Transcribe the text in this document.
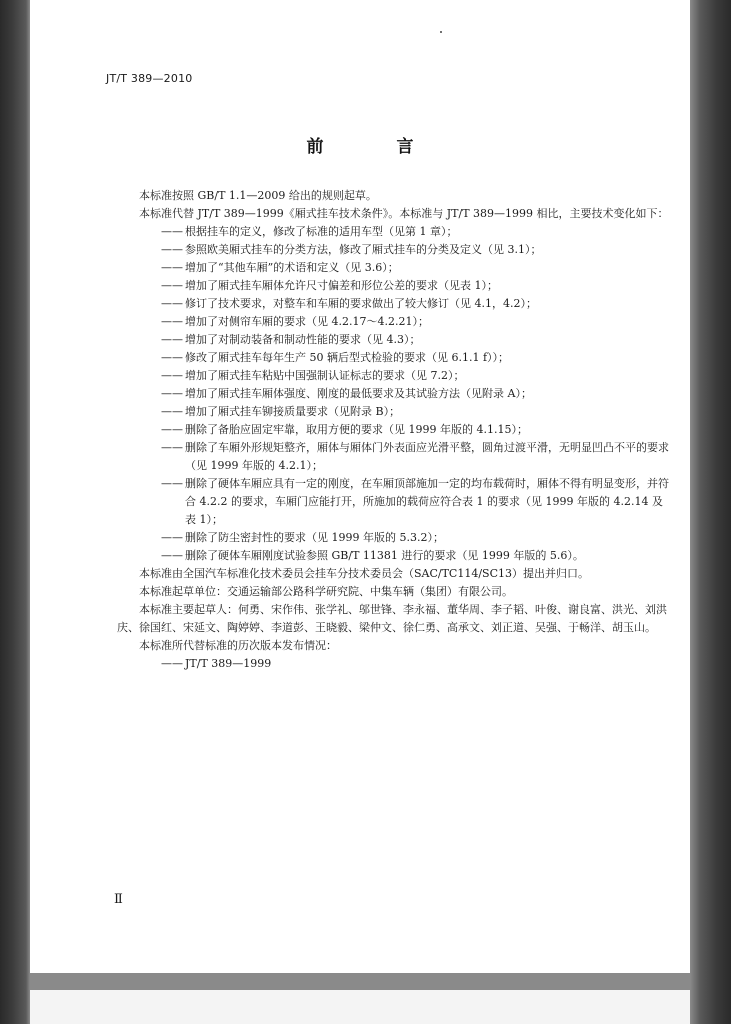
JT/T 389—2010
前　言

本标准按照 GB/T 1.1—2009 给出的规则起草。

本标准代替 JT/T 389—1999《厢式挂车技术条件》。本标准与 JT/T 389—1999 相比，主要技术变化如下：

—— 根据挂车的定义，修改了标准的适用车型（见第 1 章）；

—— 参照欧美厢式挂车的分类方法，修改了厢式挂车的分类及定义（见 3.1）；

—— 增加了“其他车厢”的术语和定义（见 3.6）；

—— 增加了厢式挂车厢体允许尺寸偏差和形位公差的要求（见表 1）；

—— 修订了技术要求，对整车和车厢的要求做出了较大修订（见 4.1，4.2）；

—— 增加了对侧帘车厢的要求（见 4.2.17～4.2.21）；

—— 增加了对制动装备和制动性能的要求（见 4.3）；

—— 修改了厢式挂车每年生产 50 辆后型式检验的要求（见 6.1.1 f））；

—— 增加了厢式挂车粘贴中国强制认证标志的要求（见 7.2）；

—— 增加了厢式挂车厢体强度、刚度的最低要求及其试验方法（见附录 A）；

—— 增加了厢式挂车铆接质量要求（见附录 B）；

—— 删除了备胎应固定牢靠，取用方便的要求（见 1999 年版的 4.1.15）；

—— 删除了车厢外形规矩整齐，厢体与厢体门外表面应光滑平整，圆角过渡平滑，无明显凹凸不平的要求（见 1999 年版的 4.2.1）；

—— 删除了硬体车厢应具有一定的刚度，在车厢顶部施加一定的均布载荷时，厢体不得有明显变形，并符合 4.2.2 的要求，车厢门应能打开，所施加的载荷应符合表 1 的要求（见 1999 年版的 4.2.14 及表 1）；

—— 删除了防尘密封性的要求（见 1999 年版的 5.3.2）；

—— 删除了硬体车厢刚度试验参照 GB/T 11381 进行的要求（见 1999 年版的 5.6）。

本标准由全国汽车标准化技术委员会挂车分技术委员会（SAC/TC114/SC13）提出并归口。

本标准起草单位：交通运输部公路科学研究院、中集车辆（集团）有限公司。

本标准主要起草人：何勇、宋作伟、张学礼、邬世锋、李永福、董华周、李子韬、叶俊、谢良富、洪光、刘洪庆、徐国红、宋延文、陶婷婷、李道彭、王晓毅、梁仲文、徐仁勇、高承文、刘正道、吴强、于畅洋、胡玉山。

本标准所代替标准的历次版本发布情况：

—— JT/T 389—1999

Ⅱ
